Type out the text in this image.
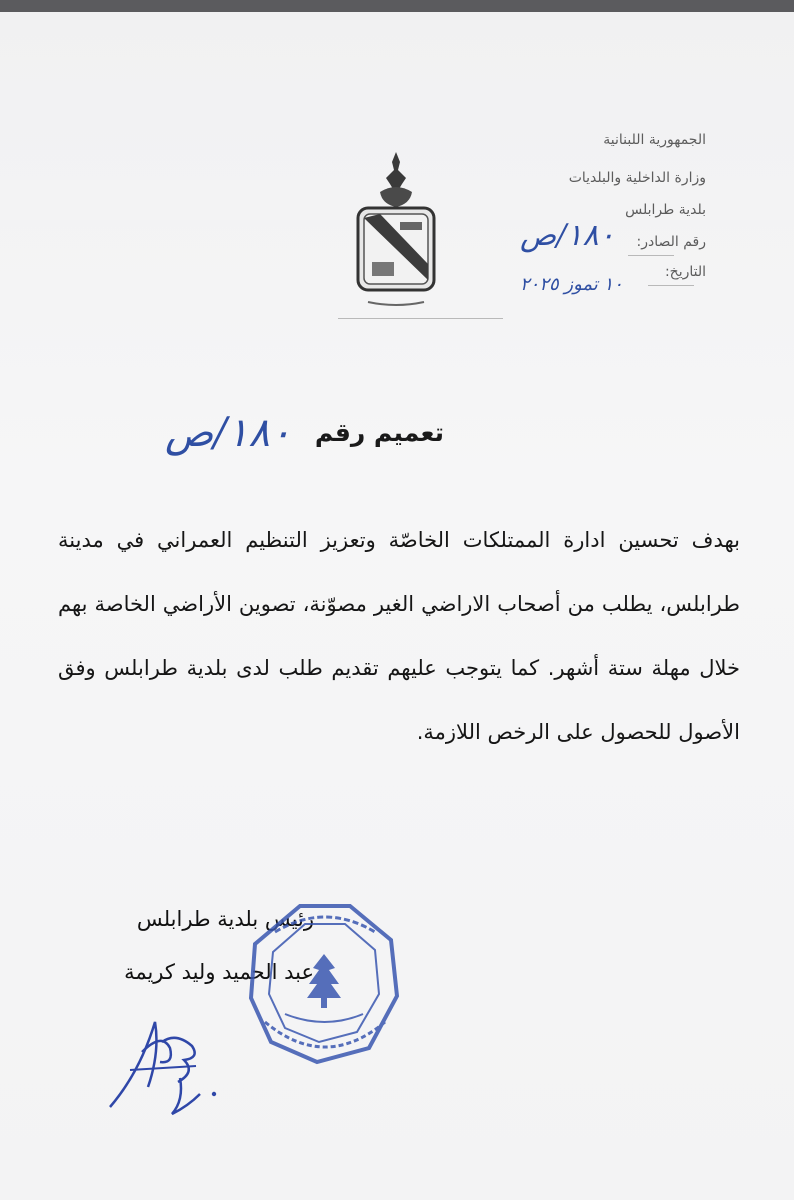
الجمهورية اللبنانية
وزارة الداخلية والبلديات
بلدية طرابلس
رقم الصادر:
التاريخ:
١٨٠/ص
١٠ تموز ٢٠٢٥
تعميم رقم
١٨٠/ص
بهدف تحسين ادارة الممتلكات الخاصّة وتعزيز التنظيم العمراني في مدينة طرابلس، يطلب من أصحاب الاراضي الغير مصوّنة، تصوين الأراضي الخاصة بهم خلال مهلة ستة أشهر. كما يتوجب عليهم تقديم طلب لدى بلدية طرابلس وفق الأصول للحصول على الرخص اللازمة.
رئيس بلدية طرابلس
عبد الحميد وليد كريمة
